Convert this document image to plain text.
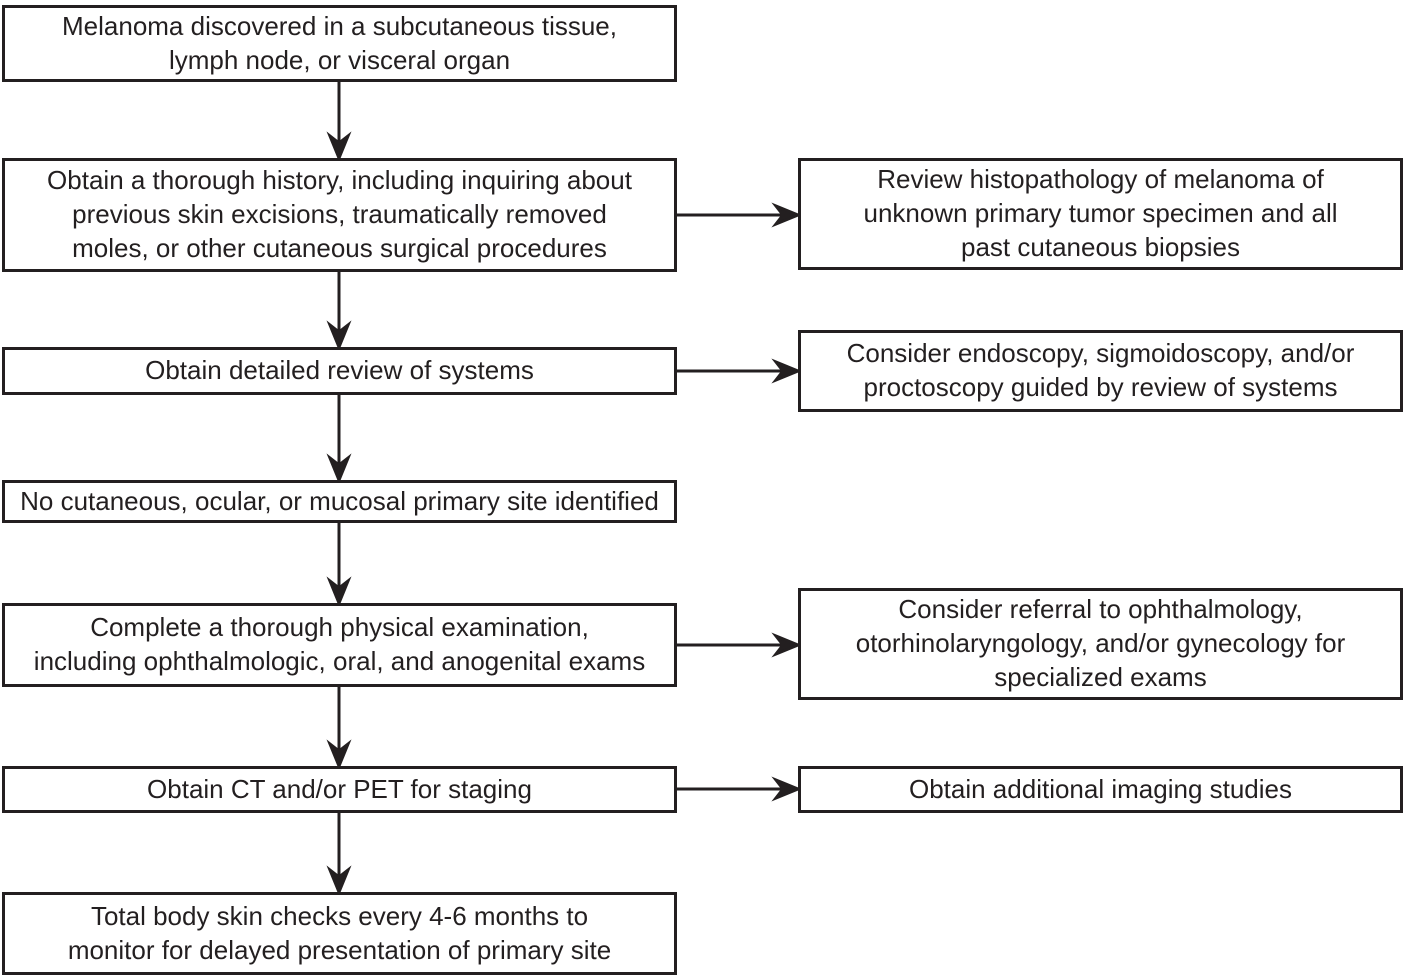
Melanoma discovered in a subcutaneous tissue,
lymph node, or visceral organ
Obtain a thorough history, including inquiring about
previous skin excisions, traumatically removed
moles, or other cutaneous surgical procedures
Obtain detailed review of systems
No cutaneous, ocular, or mucosal primary site identified
Complete a thorough physical examination,
including ophthalmologic, oral, and anogenital exams
Obtain CT and/or PET for staging
Total body skin checks every 4-6 months to
monitor for delayed presentation of primary site
Review histopathology of melanoma of
unknown primary tumor specimen and all
past cutaneous biopsies
Consider endoscopy, sigmoidoscopy, and/or
proctoscopy guided by review of systems
Consider referral to ophthalmology,
otorhinolaryngology, and/or gynecology for
specialized exams
Obtain additional imaging studies
